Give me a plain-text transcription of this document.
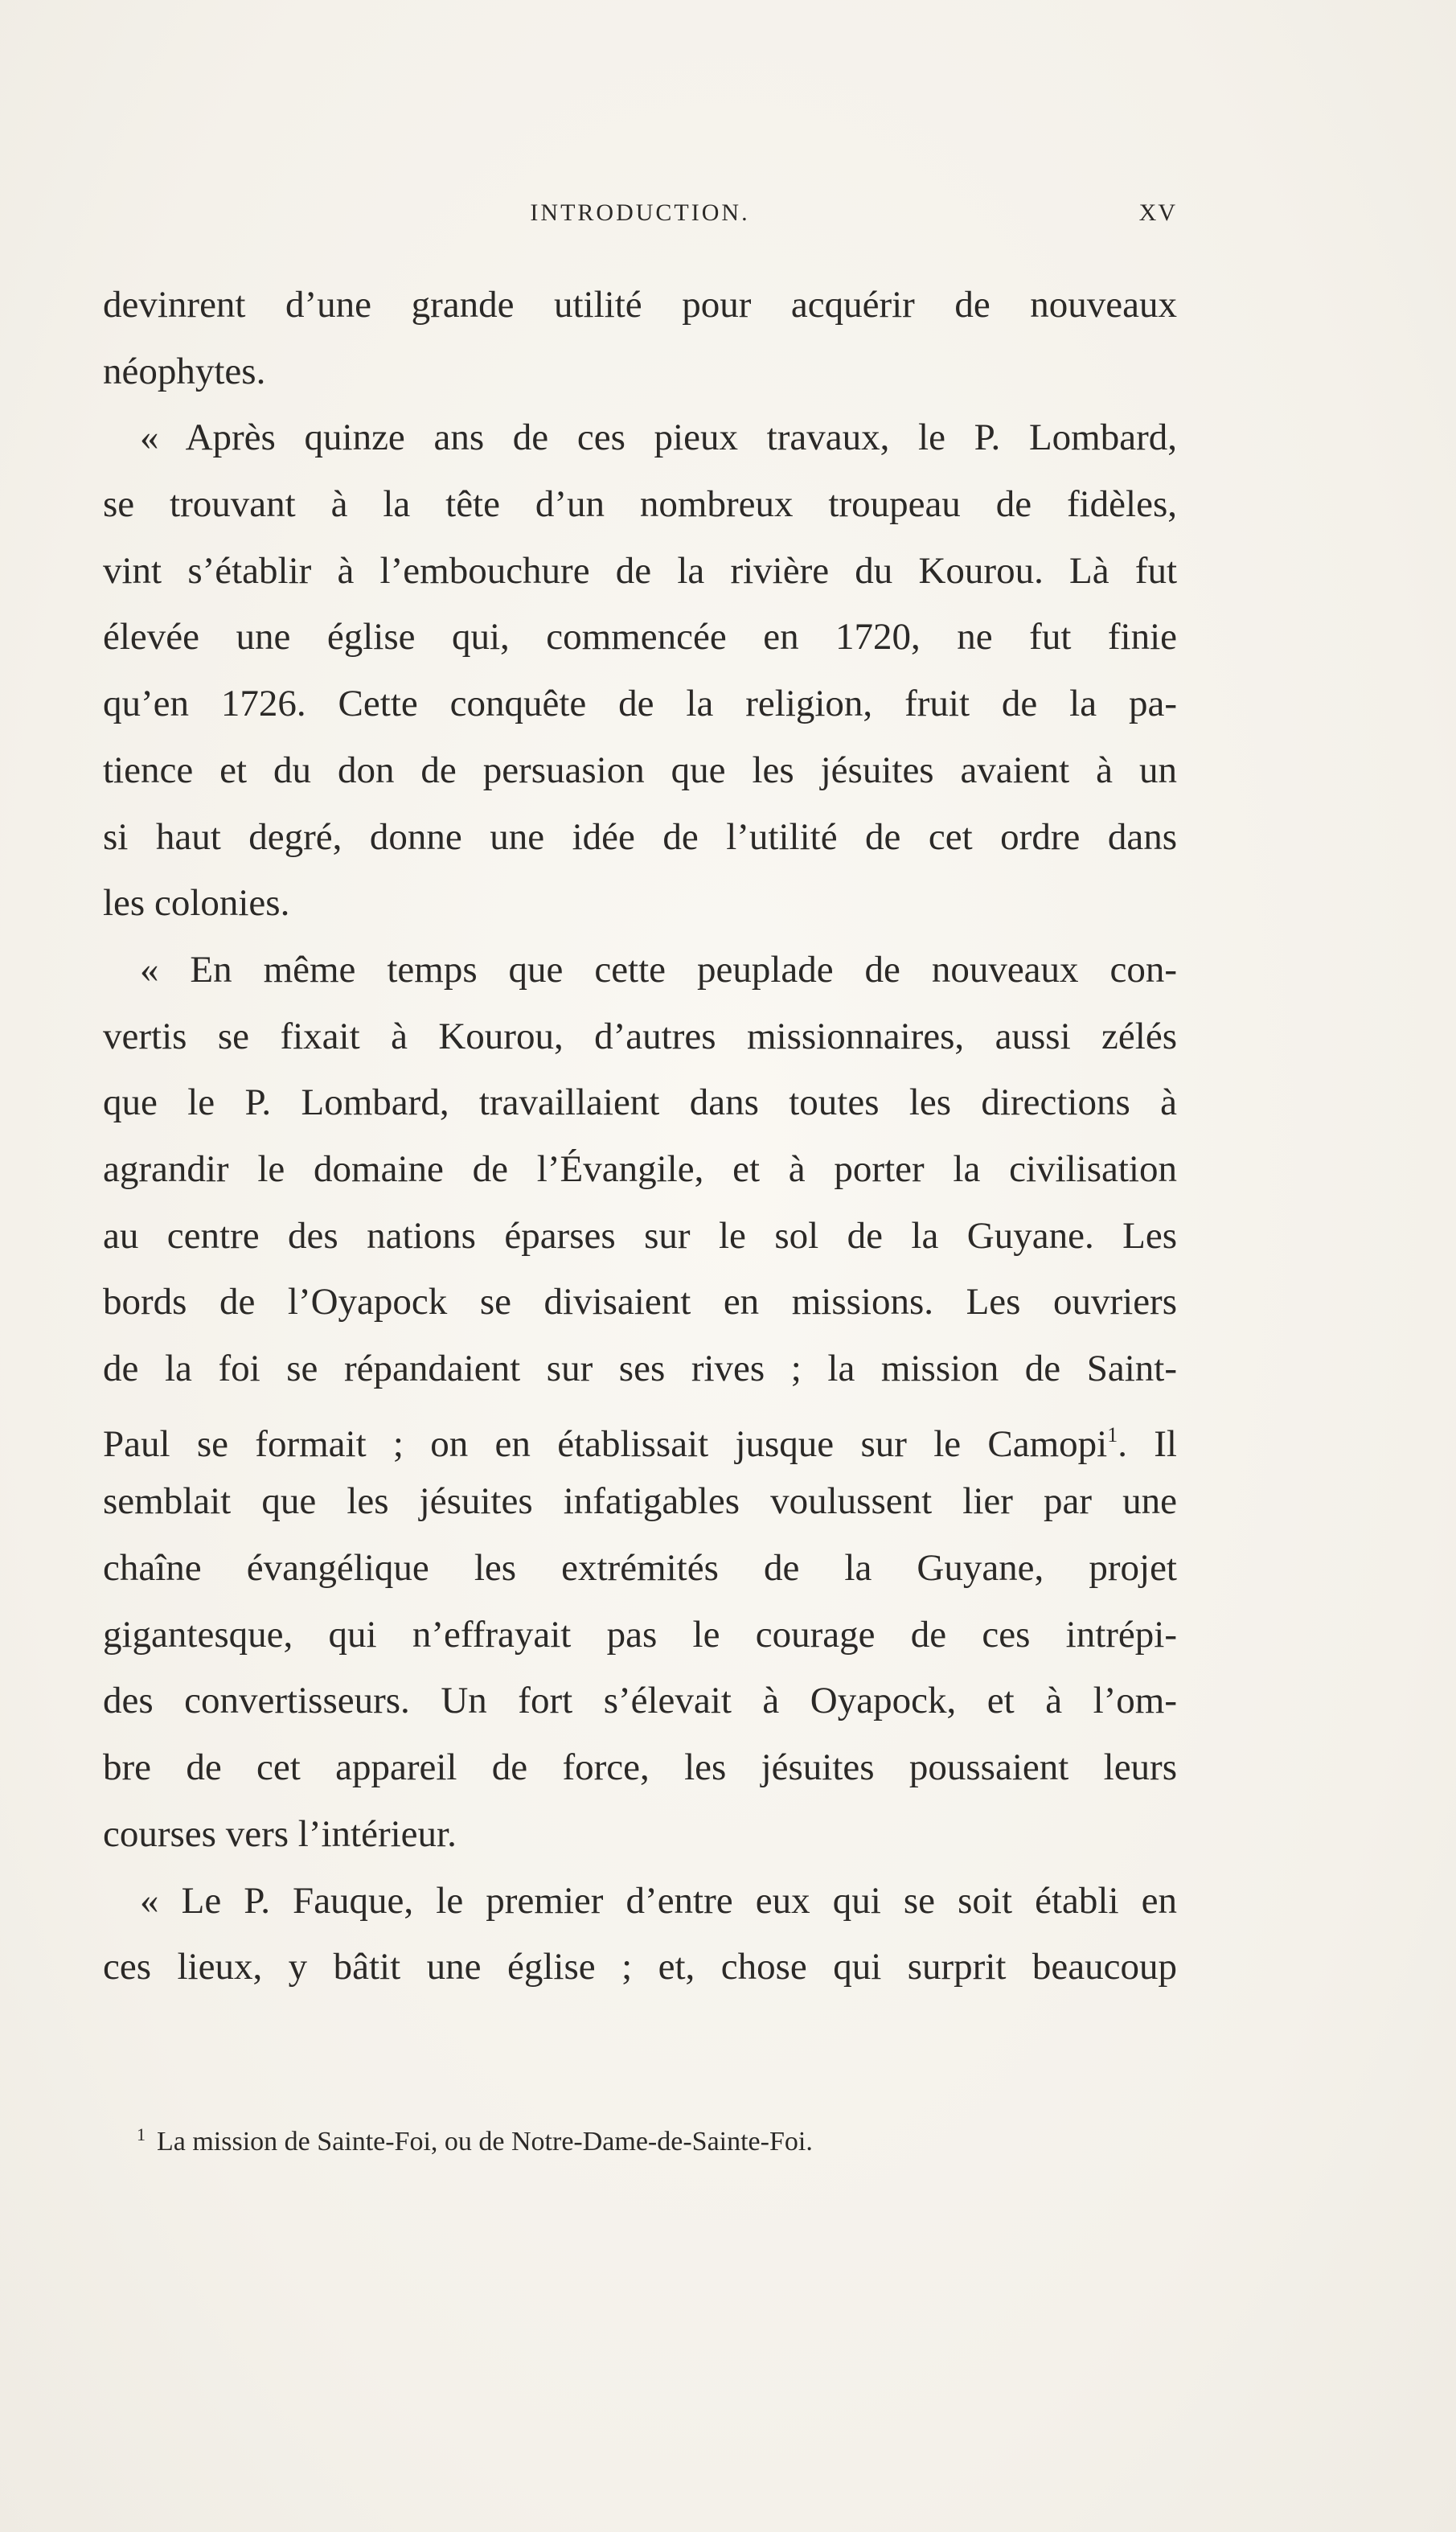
INTRODUCTION.	XV
devinrent d’une grande utilité pour acquérir de nouveaux
néophytes.
« Après quinze ans de ces pieux travaux, le P. Lombard,
se trouvant à la tête d’un nombreux troupeau de fidèles,
vint s’établir à l’embouchure de la rivière du Kourou. Là fut
élevée une église qui, commencée en 1720, ne fut finie
qu’en 1726. Cette conquête de la religion, fruit de la pa-
tience et du don de persuasion que les jésuites avaient à un
si haut degré, donne une idée de l’utilité de cet ordre dans
les colonies.
« En même temps que cette peuplade de nouveaux con-
vertis se fixait à Kourou, d’autres missionnaires, aussi zélés
que le P. Lombard, travaillaient dans toutes les directions à
agrandir le domaine de l’Évangile, et à porter la civilisation
au centre des nations éparses sur le sol de la Guyane. Les
bords de l’Oyapock se divisaient en missions. Les ouvriers
de la foi se répandaient sur ses rives ; la mission de Saint-
Paul se formait ; on en établissait jusque sur le Camopi$^1$. Il
semblait que les jésuites infatigables voulussent lier par une
chaîne évangélique les extrémités de la Guyane, projet
gigantesque, qui n’effrayait pas le courage de ces intrépi-
des convertisseurs. Un fort s’élevait à Oyapock, et à l’om-
bre de cet appareil de force, les jésuites poussaient leurs
courses vers l’intérieur.
« Le P. Fauque, le premier d’entre eux qui se soit établi en
ces lieux, y bâtit une église ; et, chose qui surprit beaucoup
$^1$ La mission de Sainte-Foi, ou de Notre-Dame-de-Sainte-Foi.
